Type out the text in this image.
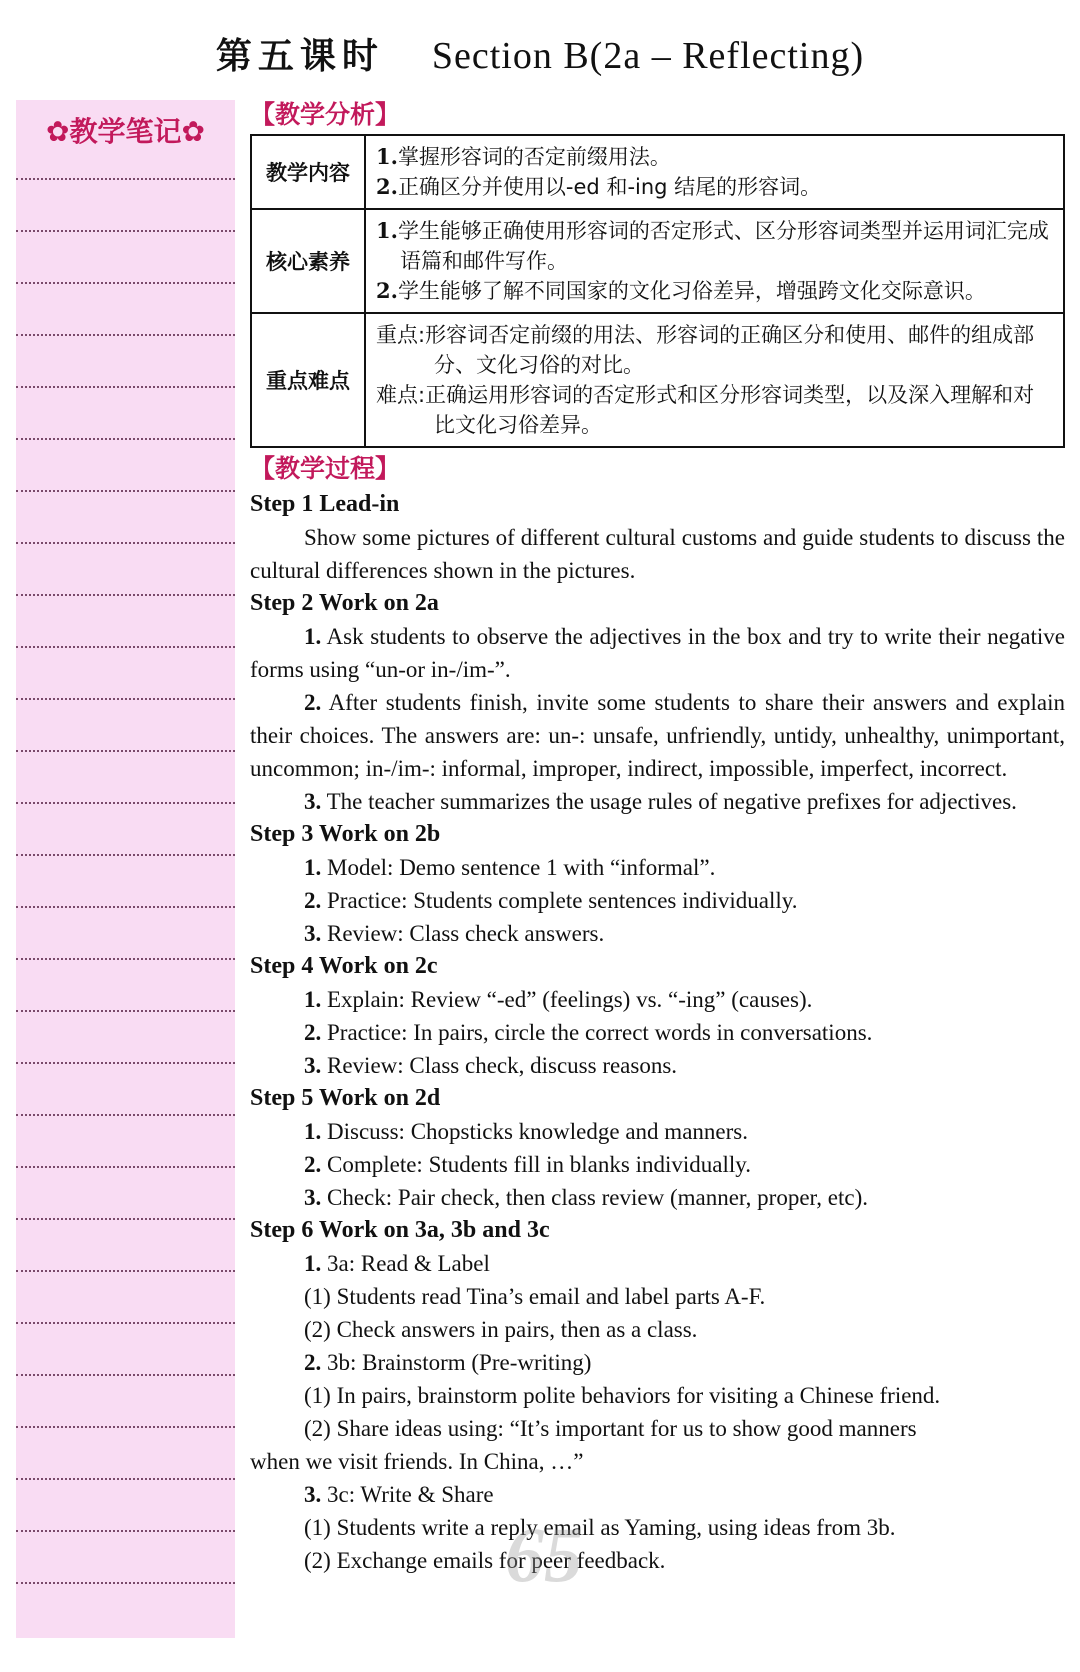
第五课时 Section B(2a – Reflecting)
✿教学笔记✿
【教学分析】
教学内容	1.掌握形容词的否定前缀用法。
2.正确区分并使用以-ed 和-ing 结尾的形容词。

核心素养	1.学生能够正确使用形容词的否定形式、区分形容词类型并运用词汇完成语篇和邮件写作。
2.学生能够了解不同国家的文化习俗差异，增强跨文化交际意识。

重点难点	重点:形容词否定前缀的用法、形容词的正确区分和使用、邮件的组成部分、文化习俗的对比。
难点:正确运用形容词的否定形式和区分形容词类型，以及深入理解和对比文化习俗差异。
【教学过程】
Step 1 Lead-in
Show some pictures of different cultural customs and guide students to discuss the cultural differences shown in the pictures.
Step 2 Work on 2a
1. Ask students to observe the adjectives in the box and try to write their negative forms using “un-or in-/im-”.
2. After students finish, invite some students to share their answers and explain their choices. The answers are: un-: unsafe, unfriendly, untidy, unhealthy, unimportant, uncommon; in-/im-: informal, improper, indirect, impossible, imperfect, incorrect.
3. The teacher summarizes the usage rules of negative prefixes for adjectives.
Step 3 Work on 2b
1. Model: Demo sentence 1 with “informal”.
2. Practice: Students complete sentences individually.
3. Review: Class check answers.
Step 4 Work on 2c
1. Explain: Review “-ed” (feelings) vs. “-ing” (causes).
2. Practice: In pairs, circle the correct words in conversations.
3. Review: Class check, discuss reasons.
Step 5 Work on 2d
1. Discuss: Chopsticks knowledge and manners.
2. Complete: Students fill in blanks individually.
3. Check: Pair check, then class review (manner, proper, etc).
Step 6 Work on 3a, 3b and 3c
1. 3a: Read & Label
(1) Students read Tina’s email and label parts A-F.
(2) Check answers in pairs, then as a class.
2. 3b: Brainstorm (Pre-writing)
(1) In pairs, brainstorm polite behaviors for visiting a Chinese friend.
(2) Share ideas using: “It’s important for us to show good manners
when we visit friends. In China, …”
3. 3c: Write & Share
(1) Students write a reply email as Yaming, using ideas from 3b.
(2) Exchange emails for peer feedback.
65
